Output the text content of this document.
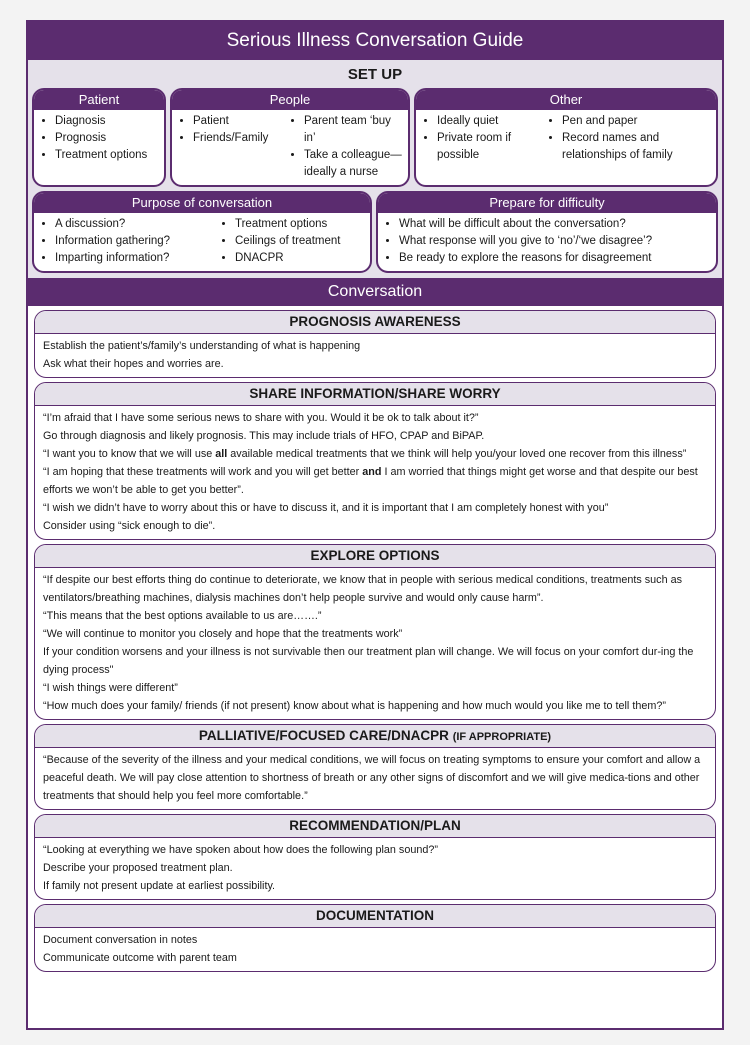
Serious Illness Conversation Guide
SET UP
Patient
• Diagnosis
• Prognosis
• Treatment options
People
• Patient
• Friends/Family
• Parent team ‘buy in’
• Take a colleague—ideally a nurse
Other
• Ideally quiet
• Private room if possible
• Pen and paper
• Record names and relationships of family
Purpose of conversation
• A discussion?
• Information gathering?
• Imparting information?
• Treatment options
• Ceilings of treatment
• DNACPR
Prepare for difficulty
• What will be difficult about the conversation?
• What response will you give to ‘no’/‘we disagree’?
• Be ready to explore the reasons for disagreement
Conversation
PROGNOSIS AWARENESS

Establish the patient’s/family’s understanding of what is happening

Ask what their hopes and worries are.

SHARE INFORMATION/SHARE WORRY

“I’m afraid that I have some serious news to share with you. Would it be ok to talk about it?”

Go through diagnosis and likely prognosis. This may include trials of HFO, CPAP and BiPAP.

“I want you to know that we will use all available medical treatments that we think will help you/your loved one recover from this illness”

“I am hoping that these treatments will work and you will get better and I am worried that things might get worse and that despite our best efforts we won’t be able to get you better”.

“I wish we didn’t have to worry about this or have to discuss it, and it is important that I am completely honest with you”

Consider using “sick enough to die”.

EXPLORE OPTIONS

“If despite our best efforts thing do continue to deteriorate, we know that in people with serious medical conditions, treatments such as ventilators/breathing machines, dialysis machines don’t help people survive and would only cause harm”.

“This means that the best options available to us are…….”

“We will continue to monitor you closely and hope that the treatments work”

If your condition worsens and your illness is not survivable then our treatment plan will change. We will focus on your comfort dur-ing the dying process"

“I wish things were different”

“How much does your family/ friends (if not present) know about what is happening and how much would you like me to tell them?”

PALLIATIVE/FOCUSED CARE/DNACPR (IF APPROPRIATE)

“Because of the severity of the illness and your medical conditions, we will focus on treating symptoms to ensure your comfort and allow a peaceful death. We will pay close attention to shortness of breath or any other signs of discomfort and we will give medica-tions and other treatments that should help you feel more comfortable.”

RECOMMENDATION/PLAN

“Looking at everything we have spoken about how does the following plan sound?”

Describe your proposed treatment plan.

If family not present update at earliest possibility.

DOCUMENTATION

Document conversation in notes

Communicate outcome with parent team
